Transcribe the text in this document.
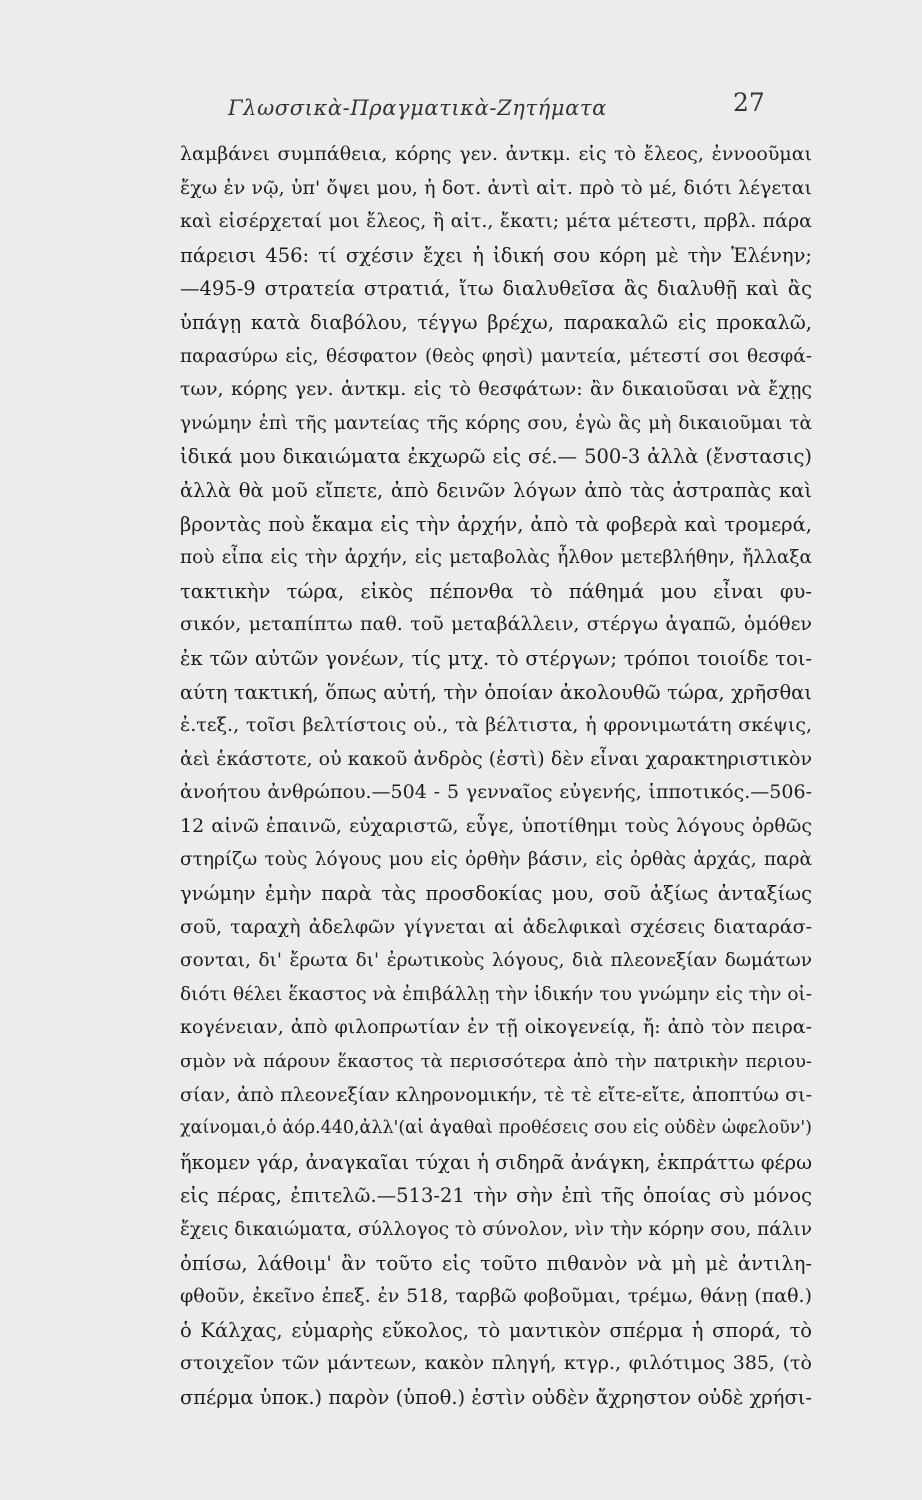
Γλωσσικὰ-Πραγματικὰ-Ζητήματα	27
λαμβάνει συμπάθεια, κόρης γεν. ἀντκμ. εἰς τὸ ἔλεος, ἐννοοῦμαι
ἔχω ἐν νῷ, ὑπ' ὄψει μου, ἡ δοτ. ἀντὶ αἰτ. πρὸ τὸ μέ, διότι λέγεται
καὶ εἰσέρχεταί μοι ἔλεος, ἢ αἰτ., ἔκατι; μέτα μέτεστι, πρβλ. πάρα
πάρεισι 456: τί σχέσιν ἔχει ἡ ἰδική σου κόρη μὲ τὴν Ἑλένην;
—495-9 στρατεία στρατιά, ἴτω διαλυθεῖσα ἂς διαλυθῇ καὶ ἂς
ὑπάγῃ κατὰ διαβόλου, τέγγω βρέχω, παρακαλῶ εἰς προκαλῶ,
παρασύρω εἰς, θέσφατον (θεὸς φησὶ) μαντεία, μέτεστί σοι θεσφά-
των, κόρης γεν. ἀντκμ. εἰς τὸ θεσφάτων: ἂν δικαιοῦσαι νὰ ἔχῃς
γνώμην ἐπὶ τῆς μαντείας τῆς κόρης σου, ἐγὼ ἂς μὴ δικαιοῦμαι τὰ
ἰδικά μου δικαιώματα ἐκχωρῶ εἰς σέ.— 500-3 ἀλλὰ (ἔνστασις)
ἀλλὰ θὰ μοῦ εἴπετε, ἀπὸ δεινῶν λόγων ἀπὸ τὰς ἀστραπὰς καὶ
βροντὰς ποὺ ἔκαμα εἰς τὴν ἀρχήν, ἀπὸ τὰ φοβερὰ καὶ τρομερά,
ποὺ εἶπα εἰς τὴν ἀρχήν, εἰς μεταβολὰς ἦλθον μετεβλήθην, ἤλλαξα
τακτικὴν τώρα, εἰκὸς πέπονθα τὸ πάθημά μου εἶναι φυ-
σικόν, μεταπίπτω παθ. τοῦ μεταβάλλειν, στέργω ἀγαπῶ, ὁμόθεν
ἐκ τῶν αὐτῶν γονέων, τίς μτχ. τὸ στέργων; τρόποι τοιοίδε τοι-
αύτη τακτική, ὅπως αὐτή, τὴν ὁποίαν ἀκολουθῶ τώρα, χρῆσθαι
ἐ.τεξ., τοῖσι βελτίστοις οὐ., τὰ βέλτιστα, ἡ φρονιμωτάτη σκέψις,
ἀεὶ ἑκάστοτε, οὐ κακοῦ ἀνδρὸς (ἐστὶ) δὲν εἶναι χαρακτηριστικὸν
ἀνοήτου ἀνθρώπου.—504 - 5 γενναῖος εὐγενής, ἱπποτικός.—506-
12 αἰνῶ ἐπαινῶ, εὐχαριστῶ, εὖγε, ὑποτίθημι τοὺς λόγους ὀρθῶς
στηρίζω τοὺς λόγους μου εἰς ὀρθὴν βάσιν, εἰς ὀρθὰς ἀρχάς, παρὰ
γνώμην ἐμὴν παρὰ τὰς προσδοκίας μου, σοῦ ἀξίως ἀνταξίως
σοῦ, ταραχὴ ἀδελφῶν γίγνεται αἱ ἀδελφικαὶ σχέσεις διαταράσ-
σονται, δι' ἔρωτα δι' ἐρωτικοὺς λόγους, διὰ πλεονεξίαν δωμάτων
διότι θέλει ἕκαστος νὰ ἐπιβάλλῃ τὴν ἰδικήν του γνώμην εἰς τὴν οἰ-
κογένειαν, ἀπὸ φιλοπρωτίαν ἐν τῇ οἰκογενείᾳ, ἤ: ἀπὸ τὸν πειρα-
σμὸν νὰ πάρουν ἕκαστος τὰ περισσότερα ἀπὸ τὴν πατρικὴν περιου-
σίαν, ἀπὸ πλεονεξίαν κληρονομικήν, τὲ τὲ εἴτε-εἴτε, ἀποπτύω σι-
χαίνομαι,ὁ ἀόρ.440,ἀλλ'(αἱ ἀγαθαὶ προθέσεις σου εἰς οὐδὲν ὠφελοῦν')
ἥκομεν γάρ, ἀναγκαῖαι τύχαι ἡ σιδηρᾶ ἀνάγκη, ἐκπράττω φέρω
εἰς πέρας, ἐπιτελῶ.—513-21 τὴν σὴν ἐπὶ τῆς ὁποίας σὺ μόνος
ἔχεις δικαιώματα, σύλλογος τὸ σύνολον, νὶν τὴν κόρην σου, πάλιν
ὀπίσω, λάθοιμ' ἂν τοῦτο εἰς τοῦτο πιθανὸν νὰ μὴ μὲ ἀντιλη-
φθοῦν, ἐκεῖνο ἐπεξ. ἐν 518, ταρβῶ φοβοῦμαι, τρέμω, θάνῃ (παθ.)
ὁ Κάλχας, εὐμαρὴς εὔκολος, τὸ μαντικὸν σπέρμα ἡ σπορά, τὸ
στοιχεῖον τῶν μάντεων, κακὸν πληγή, κτγρ., φιλότιμος 385, (τὸ
σπέρμα ὑποκ.) παρὸν (ὑποθ.) ἐστὶν οὐδὲν ἄχρηστον οὐδὲ χρήσι-
